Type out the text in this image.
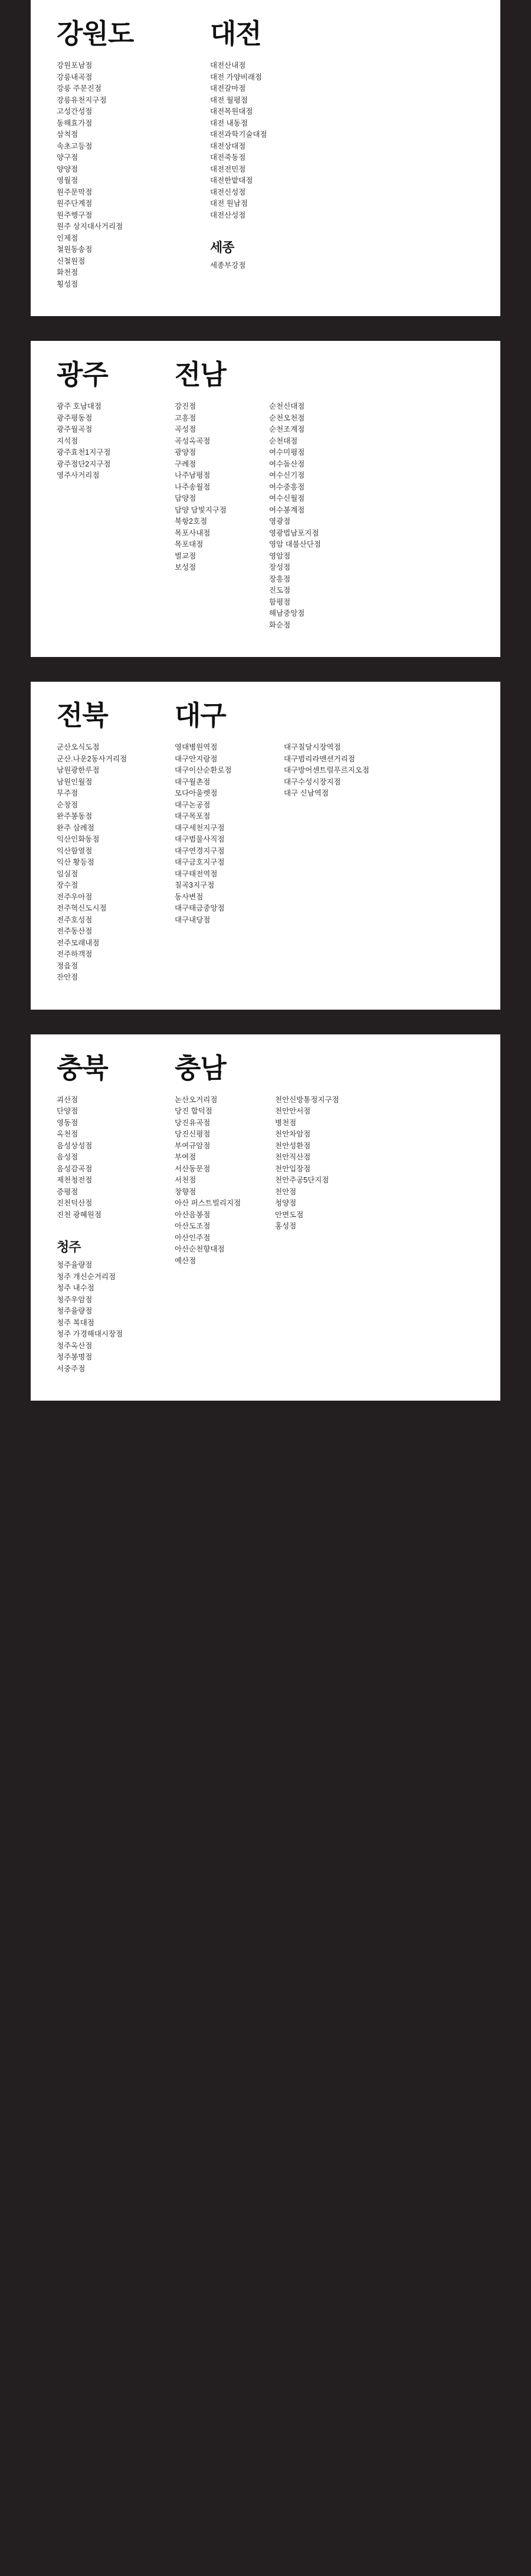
강원도
강원포남점
강릉내곡점
강릉 주문진점
강릉유천지구점
고성간성점
동해효가점
삼척점
속초고등점
양구점
양양점
영월점
원주문막점
원주단계점
원주행구점
원주 상지대사거리점
인제점
철원동송점
신철원점
화천점
횡성점
대전
대전산내점
대전 가양비래점
대전갈마점
대전 월평점
대전목원대점
대전 내동점
대전과학기술대점
대전상대점
대전죽동점
대전전민점
대전한밭대점
대전신성점
대전 원남점
대전산성점
세종
세종부강점
광주
광주 호남대점
광주평동점
광주월곡점
지석점
광주효천1지구점
광주점단2지구점
영주사거리점
전남
강진점
고흥점
곡성점
곡성옥곡점
광양점
구례점
나주남평점
나주송월점
담양점
담양 담빛지구점
북항2호점
목포사내점
목포대점
벌교점
보성점
순천신대점
순천오천점
순천조계점
순천대점
여수미평점
여수돌산점
여수신기점
여수중흥점
여수신월점
여수봉계점
영광점
영광법남포지점
영암 대불산단점
영암점
장성점
장흥점
진도점
함평점
해남중앙점
화순점
전북
군산오식도점
군산.나운2동사거리점
남원광한루점
남원인월점
무주점
순창점
완주봉동점
완주 삼례점
익산인화동점
익산함열점
익산 황등점
임실점
장수점
전주우아점
전주혁신도시점
전주호성점
전주동산점
전주모래내점
전주하객점
정읍점
잔안점
대구
영대병원역점
대구안지랑점
대구이산순환로점
대구월촌점
모다아울렛점
대구논공점
대구목포점
대구세천지구점
대구범물사직점
대구연경지구점
대구금호지구점
대구태전역점
칠곡3지구점
동사변점
대구태금중앙점
대구내당점
대구칠달시장역점
대구범리라맨션거리점
대구방어센트럴푸르지오점
대구수성시장지점
대구 신남역점
충북
괴산점
단양점
영동점
옥천점
음성상성점
음성점
음성감곡점
제천청전점
증평점
진천덕산점
진천 광혜원점
청주
청주율량점
청주 개신순거리점
청주 내수점
청주우암점
청주율량점
청주 복대점
청주 가경해대시장점
청주옥산점
청주봉명점
서중주점
충남
논산오거리점
당진 합덕점
당진유곡점
당진신평점
부여규암점
부여점
서산동문점
서천점
창향점
아산 퍼스트빌리지점
아산음봉점
아산도조점
아산인주점
아산순천향대점
예산점
천안신방통정지구점
천안안서점
병천점
천안차암점
천안성환점
천안직산점
천안입장점
천안주공5단지점
천안점
청양점
안면도점
홍성점
